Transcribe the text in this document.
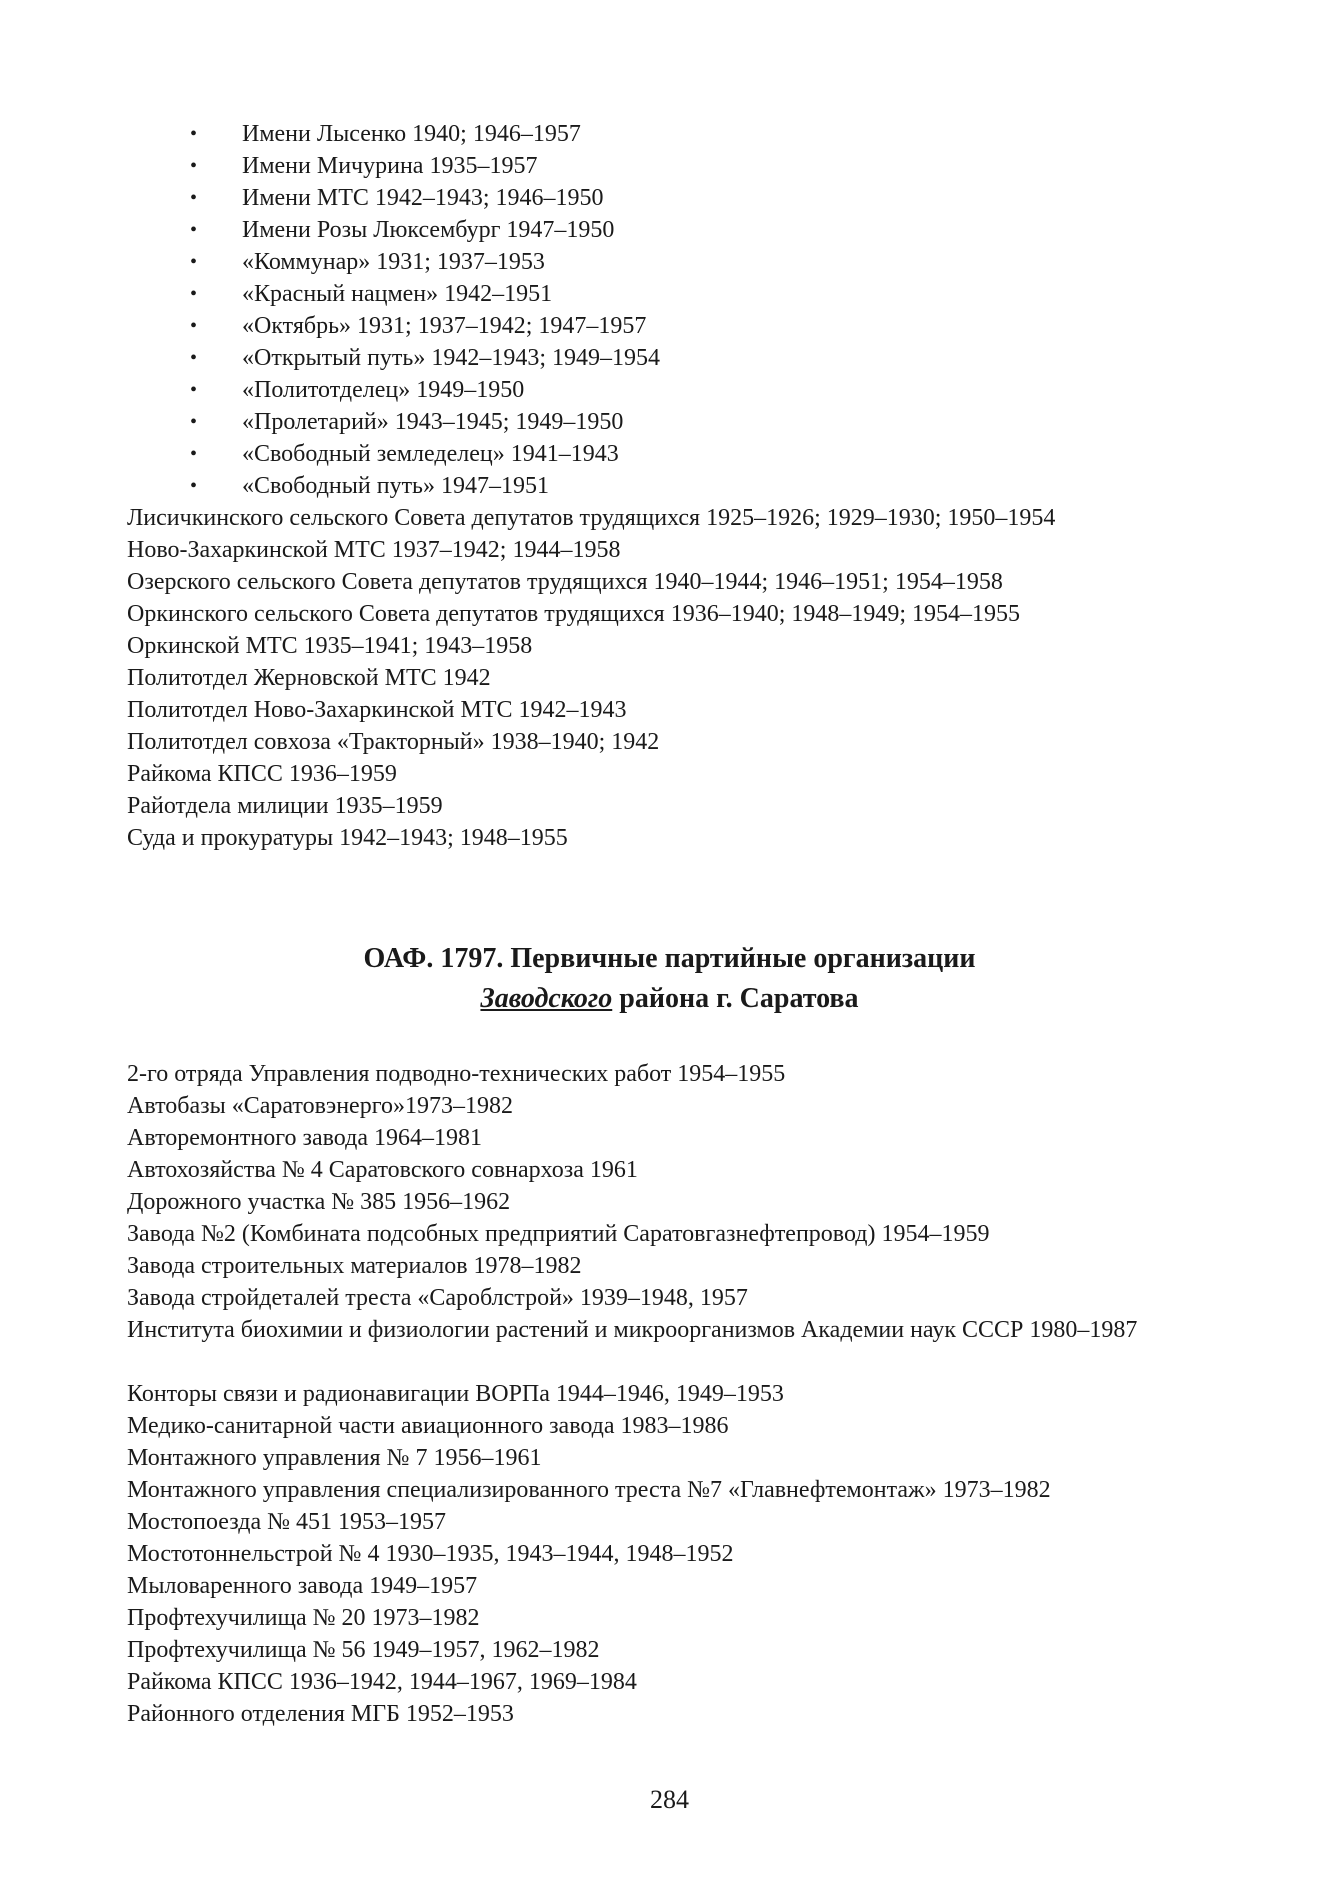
• Имени Лысенко 1940; 1946–1957
• Имени Мичурина 1935–1957
• Имени МТС 1942–1943; 1946–1950
• Имени Розы Люксембург 1947–1950
• «Коммунар» 1931; 1937–1953
• «Красный нацмен» 1942–1951
• «Октябрь» 1931; 1937–1942; 1947–1957
• «Открытый путь» 1942–1943; 1949–1954
• «Политотделец» 1949–1950
• «Пролетарий» 1943–1945; 1949–1950
• «Свободный земледелец» 1941–1943
• «Свободный путь» 1947–1951
Лисичкинского сельского Совета депутатов трудящихся 1925–1926; 1929–1930; 1950–1954
Ново-Захаркинской МТС 1937–1942; 1944–1958
Озерского сельского Совета депутатов трудящихся 1940–1944; 1946–1951; 1954–1958
Оркинского сельского Совета депутатов трудящихся 1936–1940; 1948–1949; 1954–1955
Оркинской МТС 1935–1941; 1943–1958
Политотдел Жерновской МТС 1942
Политотдел Ново-Захаркинской МТС 1942–1943
Политотдел совхоза «Тракторный» 1938–1940; 1942
Райкома КПСС 1936–1959
Райотдела милиции 1935–1959
Суда и прокуратуры 1942–1943; 1948–1955
ОАФ. 1797. Первичные партийные организации
Заводского района г. Саратова
2-го отряда Управления подводно-технических работ 1954–1955
Автобазы «Саратовэнерго»1973–1982
Авторемонтного завода 1964–1981
Автохозяйства № 4 Саратовского совнархоза 1961
Дорожного участка № 385 1956–1962
Завода №2 (Комбината подсобных предприятий Саратовгазнефтепровод) 1954–1959
Завода строительных материалов 1978–1982
Завода стройдеталей треста «Сароблстрой» 1939–1948, 1957
Института биохимии и физиологии растений и микроорганизмов Академии наук СССР 1980–1987
Конторы связи и радионавигации ВОРПа 1944–1946, 1949–1953
Медико-санитарной части авиационного завода 1983–1986
Монтажного управления № 7 1956–1961
Монтажного управления специализированного треста №7 «Главнефтемонтаж» 1973–1982
Мостопоезда № 451 1953–1957
Мостотоннельстрой № 4 1930–1935, 1943–1944, 1948–1952
Мыловаренного завода 1949–1957
Профтехучилища № 20 1973–1982
Профтехучилища № 56 1949–1957, 1962–1982
Райкома КПСС 1936–1942, 1944–1967, 1969–1984
Районного отделения МГБ 1952–1953
284
